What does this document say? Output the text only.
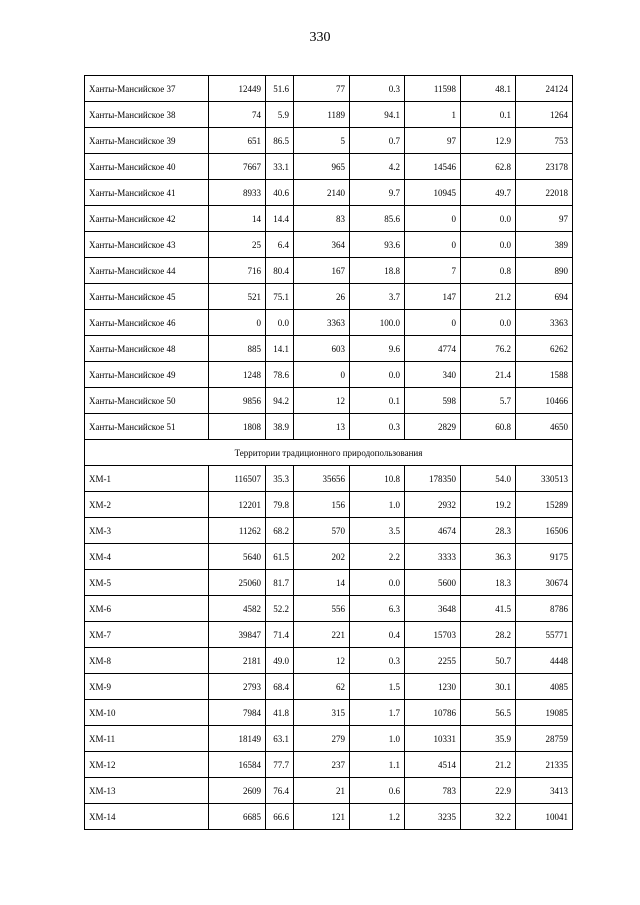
330
Ханты-Мансийское 37	12449	51.6	77	0.3	11598	48.1	24124
Ханты-Мансийское 38	74	5.9	1189	94.1	1	0.1	1264
Ханты-Мансийское 39	651	86.5	5	0.7	97	12.9	753
Ханты-Мансийское 40	7667	33.1	965	4.2	14546	62.8	23178
Ханты-Мансийское 41	8933	40.6	2140	9.7	10945	49.7	22018
Ханты-Мансийское 42	14	14.4	83	85.6	0	0.0	97
Ханты-Мансийское 43	25	6.4	364	93.6	0	0.0	389
Ханты-Мансийское 44	716	80.4	167	18.8	7	0.8	890
Ханты-Мансийское 45	521	75.1	26	3.7	147	21.2	694
Ханты-Мансийское 46	0	0.0	3363	100.0	0	0.0	3363
Ханты-Мансийское 48	885	14.1	603	9.6	4774	76.2	6262
Ханты-Мансийское 49	1248	78.6	0	0.0	340	21.4	1588
Ханты-Мансийское 50	9856	94.2	12	0.1	598	5.7	10466
Ханты-Мансийское 51	1808	38.9	13	0.3	2829	60.8	4650
Территории традиционного природопользования							
ХМ-1	116507	35.3	35656	10.8	178350	54.0	330513
ХМ-2	12201	79.8	156	1.0	2932	19.2	15289
ХМ-3	11262	68.2	570	3.5	4674	28.3	16506
ХМ-4	5640	61.5	202	2.2	3333	36.3	9175
ХМ-5	25060	81.7	14	0.0	5600	18.3	30674
ХМ-6	4582	52.2	556	6.3	3648	41.5	8786
ХМ-7	39847	71.4	221	0.4	15703	28.2	55771
ХМ-8	2181	49.0	12	0.3	2255	50.7	4448
ХМ-9	2793	68.4	62	1.5	1230	30.1	4085
ХМ-10	7984	41.8	315	1.7	10786	56.5	19085
ХМ-11	18149	63.1	279	1.0	10331	35.9	28759
ХМ-12	16584	77.7	237	1.1	4514	21.2	21335
ХМ-13	2609	76.4	21	0.6	783	22.9	3413
ХМ-14	6685	66.6	121	1.2	3235	32.2	10041
